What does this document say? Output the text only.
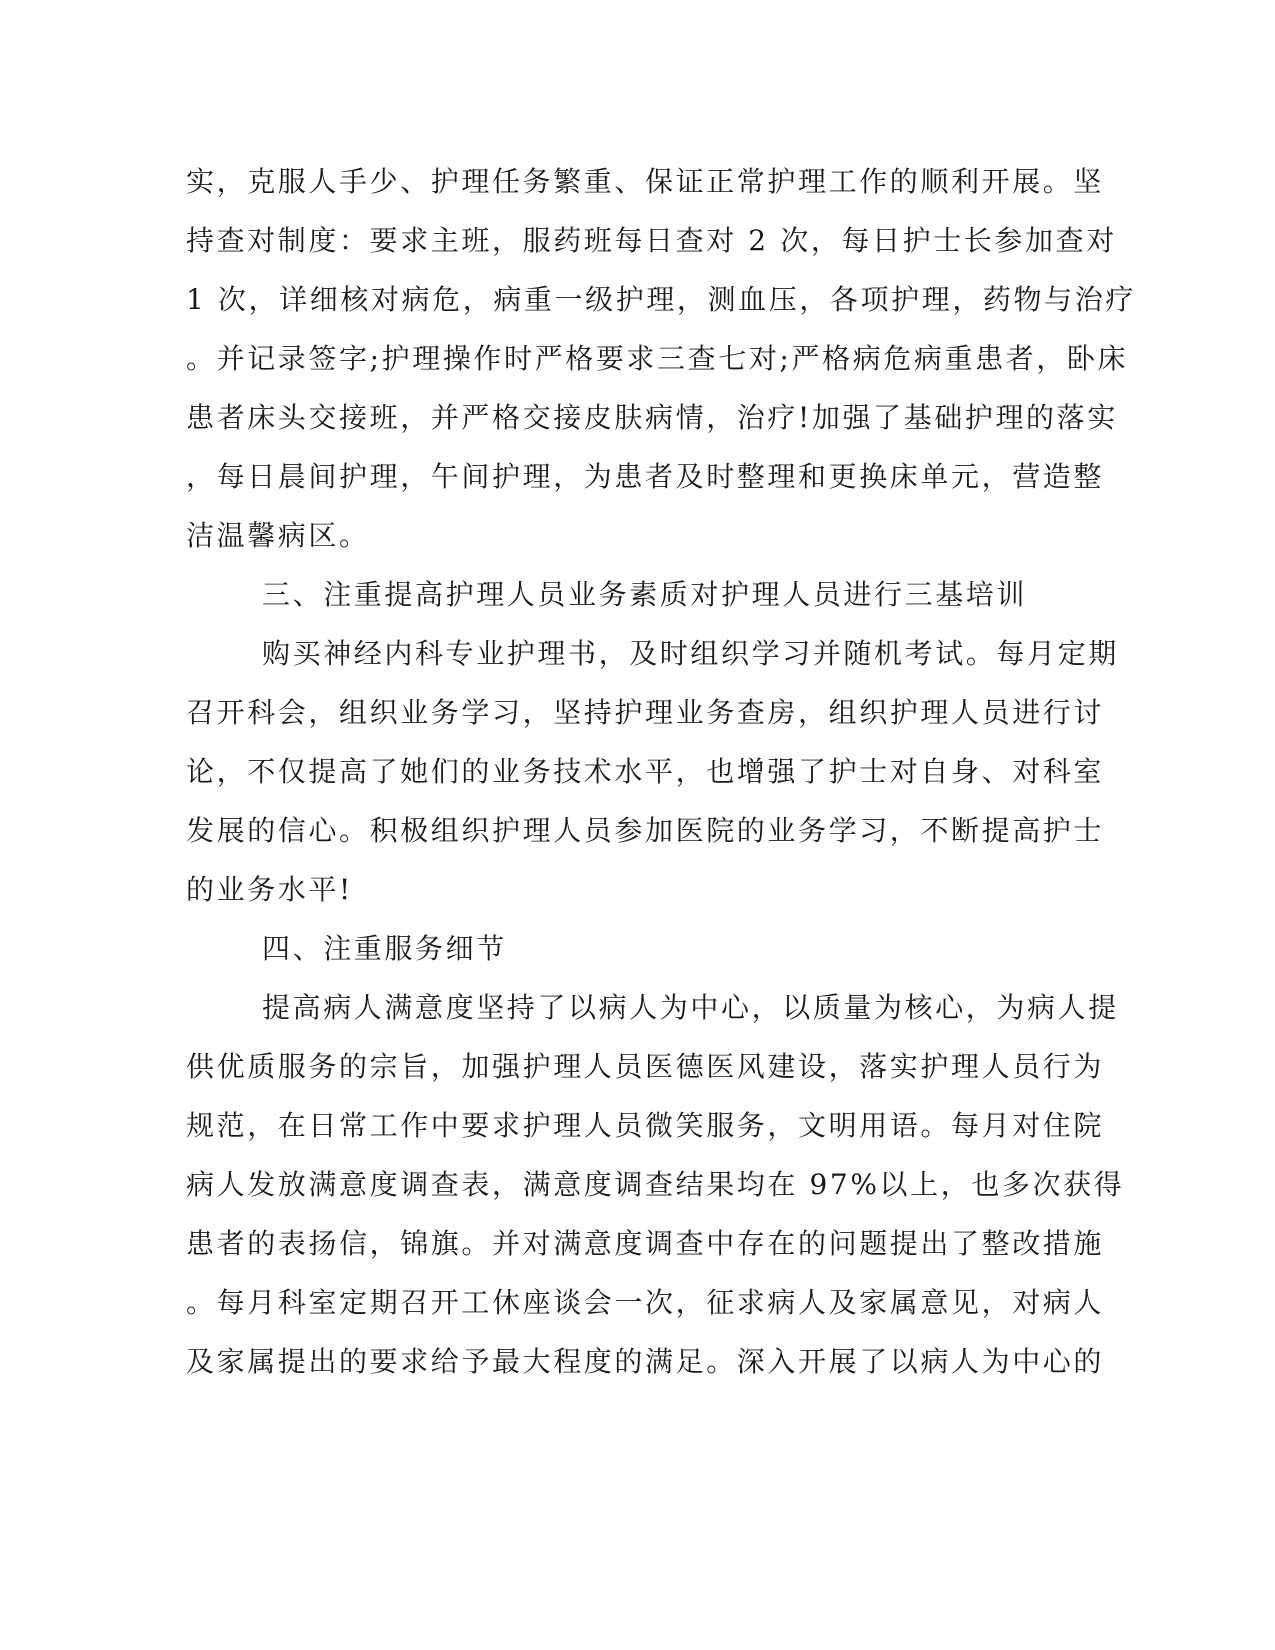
实，克服人手少、护理任务繁重、保证正常护理工作的顺利开展。坚
持查对制度：要求主班，服药班每日查对 2 次，每日护士长参加查对
1 次，详细核对病危，病重一级护理，测血压，各项护理，药物与治疗
。并记录签字;护理操作时严格要求三查七对;严格病危病重患者，卧床
患者床头交接班，并严格交接皮肤病情，治疗!加强了基础护理的落实
，每日晨间护理，午间护理，为患者及时整理和更换床单元，营造整
洁温馨病区。
三、注重提高护理人员业务素质对护理人员进行三基培训
购买神经内科专业护理书，及时组织学习并随机考试。每月定期
召开科会，组织业务学习，坚持护理业务查房，组织护理人员进行讨
论，不仅提高了她们的业务技术水平，也增强了护士对自身、对科室
发展的信心。积极组织护理人员参加医院的业务学习，不断提高护士
的业务水平!
四、注重服务细节
提高病人满意度坚持了以病人为中心，以质量为核心，为病人提
供优质服务的宗旨，加强护理人员医德医风建设，落实护理人员行为
规范，在日常工作中要求护理人员微笑服务，文明用语。每月对住院
病人发放满意度调查表，满意度调查结果均在 97%以上，也多次获得
患者的表扬信，锦旗。并对满意度调查中存在的问题提出了整改措施
。每月科室定期召开工休座谈会一次，征求病人及家属意见，对病人
及家属提出的要求给予最大程度的满足。深入开展了以病人为中心的
